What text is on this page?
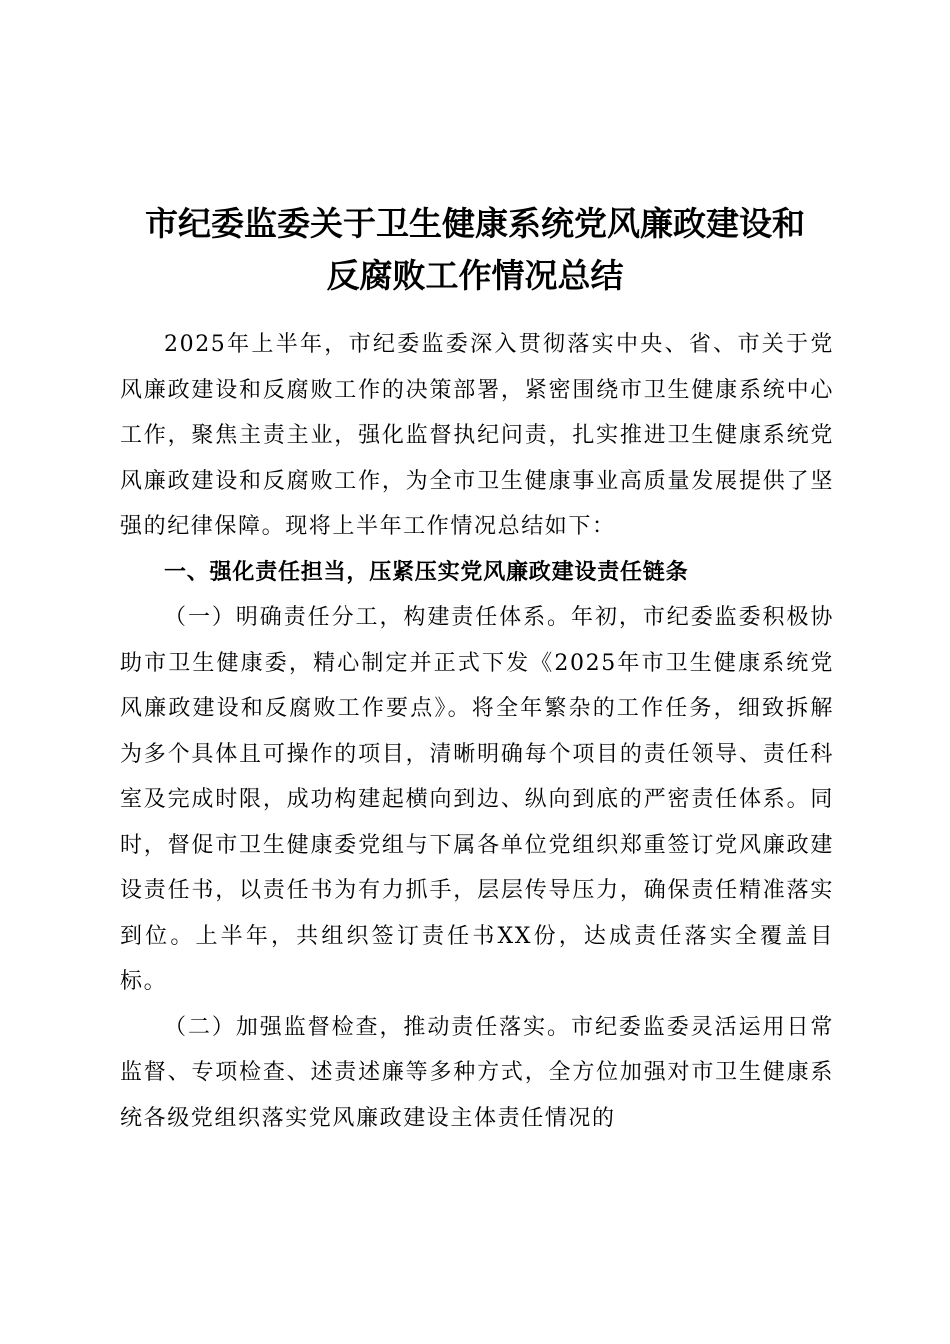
市纪委监委关于卫生健康系统党风廉政建设和
反腐败工作情况总结

2025年上半年，市纪委监委深入贯彻落实中央、省、市关于党风廉政建设和反腐败工作的决策部署，紧密围绕市卫生健康系统中心工作，聚焦主责主业，强化监督执纪问责，扎实推进卫生健康系统党风廉政建设和反腐败工作，为全市卫生健康事业高质量发展提供了坚强的纪律保障。现将上半年工作情况总结如下：

一、强化责任担当，压紧压实党风廉政建设责任链条

（一）明确责任分工，构建责任体系。年初，市纪委监委积极协助市卫生健康委，精心制定并正式下发《2025年市卫生健康系统党风廉政建设和反腐败工作要点》。将全年繁杂的工作任务，细致拆解为多个具体且可操作的项目，清晰明确每个项目的责任领导、责任科室及完成时限，成功构建起横向到边、纵向到底的严密责任体系。同时，督促市卫生健康委党组与下属各单位党组织郑重签订党风廉政建设责任书，以责任书为有力抓手，层层传导压力，确保责任精准落实到位。上半年，共组织签订责任书XX份，达成责任落实全覆盖目标。

（二）加强监督检查，推动责任落实。市纪委监委灵活运用日常监督、专项检查、述责述廉等多种方式，全方位加强对市卫生健康系统各级党组织落实党风廉政建设主体责任情况的
